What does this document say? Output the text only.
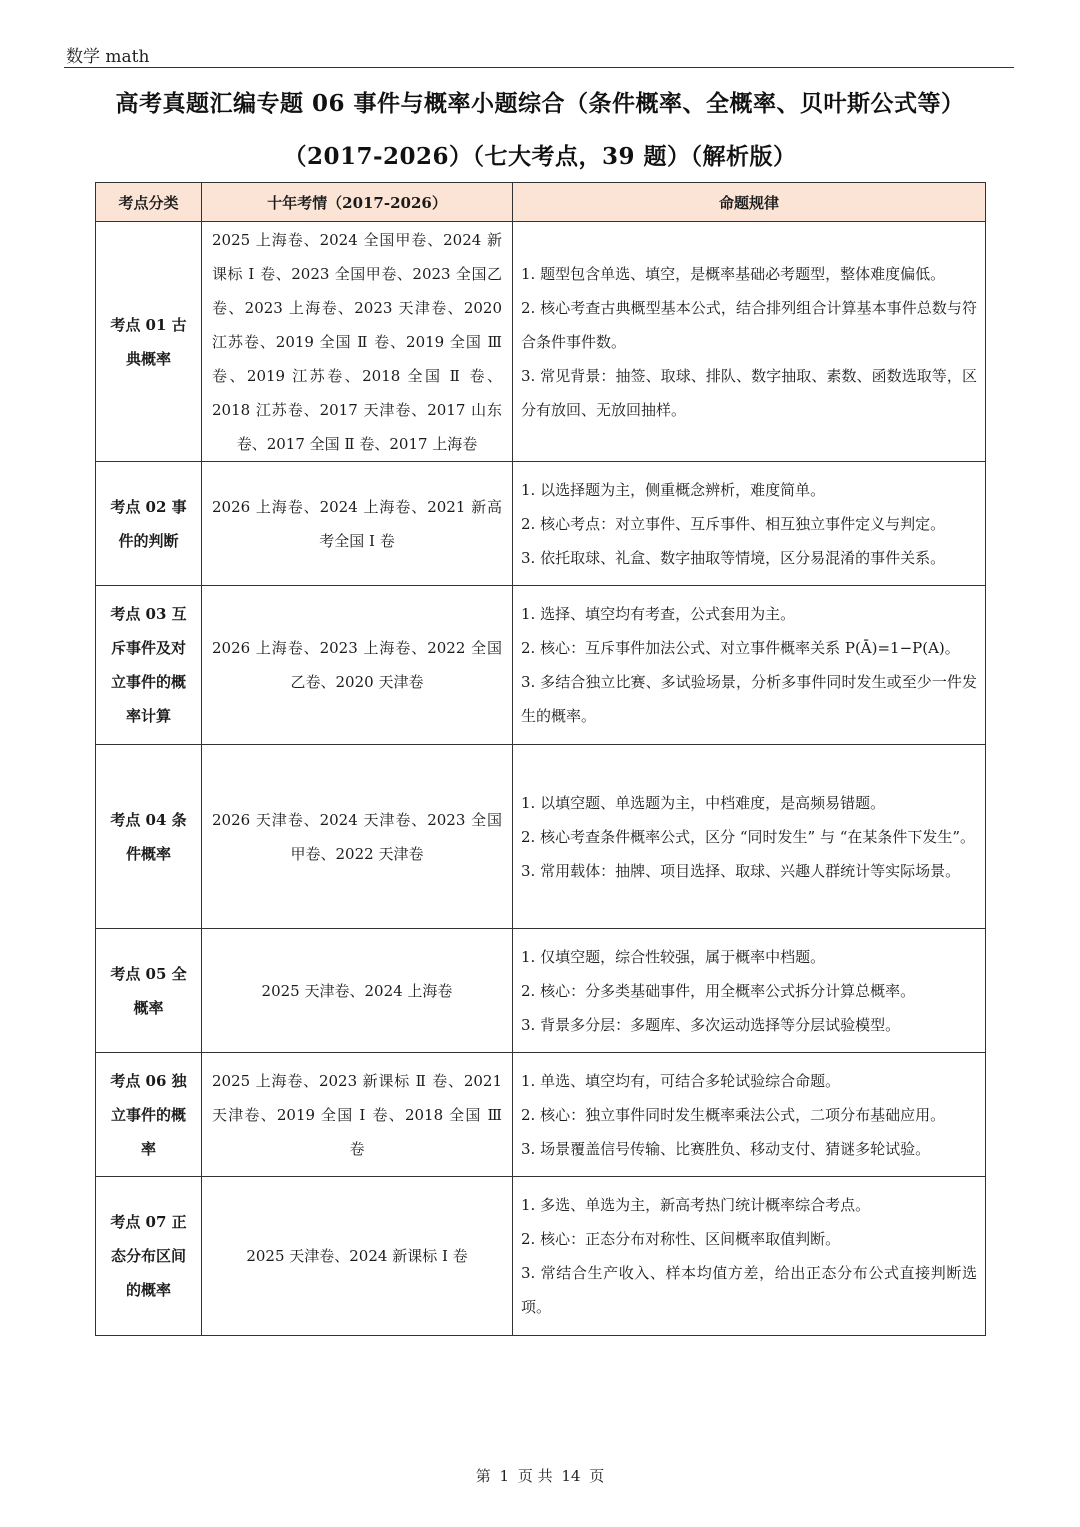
数学 math
高考真题汇编专题 06 事件与概率小题综合（条件概率、全概率、贝叶斯公式等）
（2017-2026）（七大考点，39 题）（解析版）
考点分类	十年考情（2017-2026）	命题规律
考点 01 古典概率	2025 上海卷、2024 全国甲卷、2024 新课标 Ⅰ 卷、2023 全国甲卷、2023 全国乙卷、2023 上海卷、2023 天津卷、2020 江苏卷、2019 全国 Ⅱ 卷、2019 全国 Ⅲ 卷、2019 江苏卷、2018 全国 Ⅱ 卷、2018 江苏卷、2017 天津卷、2017 山东卷、2017 全国 Ⅱ 卷、2017 上海卷	1. 题型包含单选、填空，是概率基础必考题型，整体难度偏低。
2. 核心考查古典概型基本公式，结合排列组合计算基本事件总数与符合条件事件数。
3. 常见背景：抽签、取球、排队、数字抽取、素数、函数选取等，区分有放回、无放回抽样。

考点 02 事件的判断	2026 上海卷、2024 上海卷、2021 新高考全国 Ⅰ 卷	1. 以选择题为主，侧重概念辨析，难度简单。
2. 核心考点：对立事件、互斥事件、相互独立事件定义与判定。
3. 依托取球、礼盒、数字抽取等情境，区分易混淆的事件关系。

考点 03 互斥事件及对立事件的概率计算	2026 上海卷、2023 上海卷、2022 全国乙卷、2020 天津卷	1. 选择、填空均有考查，公式套用为主。
2. 核心：互斥事件加法公式、对立事件概率关系 P(Ā)=1−P(A)。
3. 多结合独立比赛、多试验场景，分析多事件同时发生或至少一件发生的概率。

考点 04 条件概率	2026 天津卷、2024 天津卷、2023 全国甲卷、2022 天津卷	1. 以填空题、单选题为主，中档难度，是高频易错题。
2. 核心考查条件概率公式，区分 “同时发生” 与 “在某条件下发生”。
3. 常用载体：抽牌、项目选择、取球、兴趣人群统计等实际场景。

考点 05 全概率	2025 天津卷、2024 上海卷	1. 仅填空题，综合性较强，属于概率中档题。
2. 核心：分多类基础事件，用全概率公式拆分计算总概率。
3. 背景多分层：多题库、多次运动选择等分层试验模型。

考点 06 独立事件的概率	2025 上海卷、2023 新课标 Ⅱ 卷、2021 天津卷、2019 全国 Ⅰ 卷、2018 全国 Ⅲ 卷	1. 单选、填空均有，可结合多轮试验综合命题。
2. 核心：独立事件同时发生概率乘法公式，二项分布基础应用。
3. 场景覆盖信号传输、比赛胜负、移动支付、猜谜多轮试验。

考点 07 正态分布区间的概率	2025 天津卷、2024 新课标 Ⅰ 卷	1. 多选、单选为主，新高考热门统计概率综合考点。
2. 核心：正态分布对称性、区间概率取值判断。
3. 常结合生产收入、样本均值方差，给出正态分布公式直接判断选项。
第 1 页 共 14 页
